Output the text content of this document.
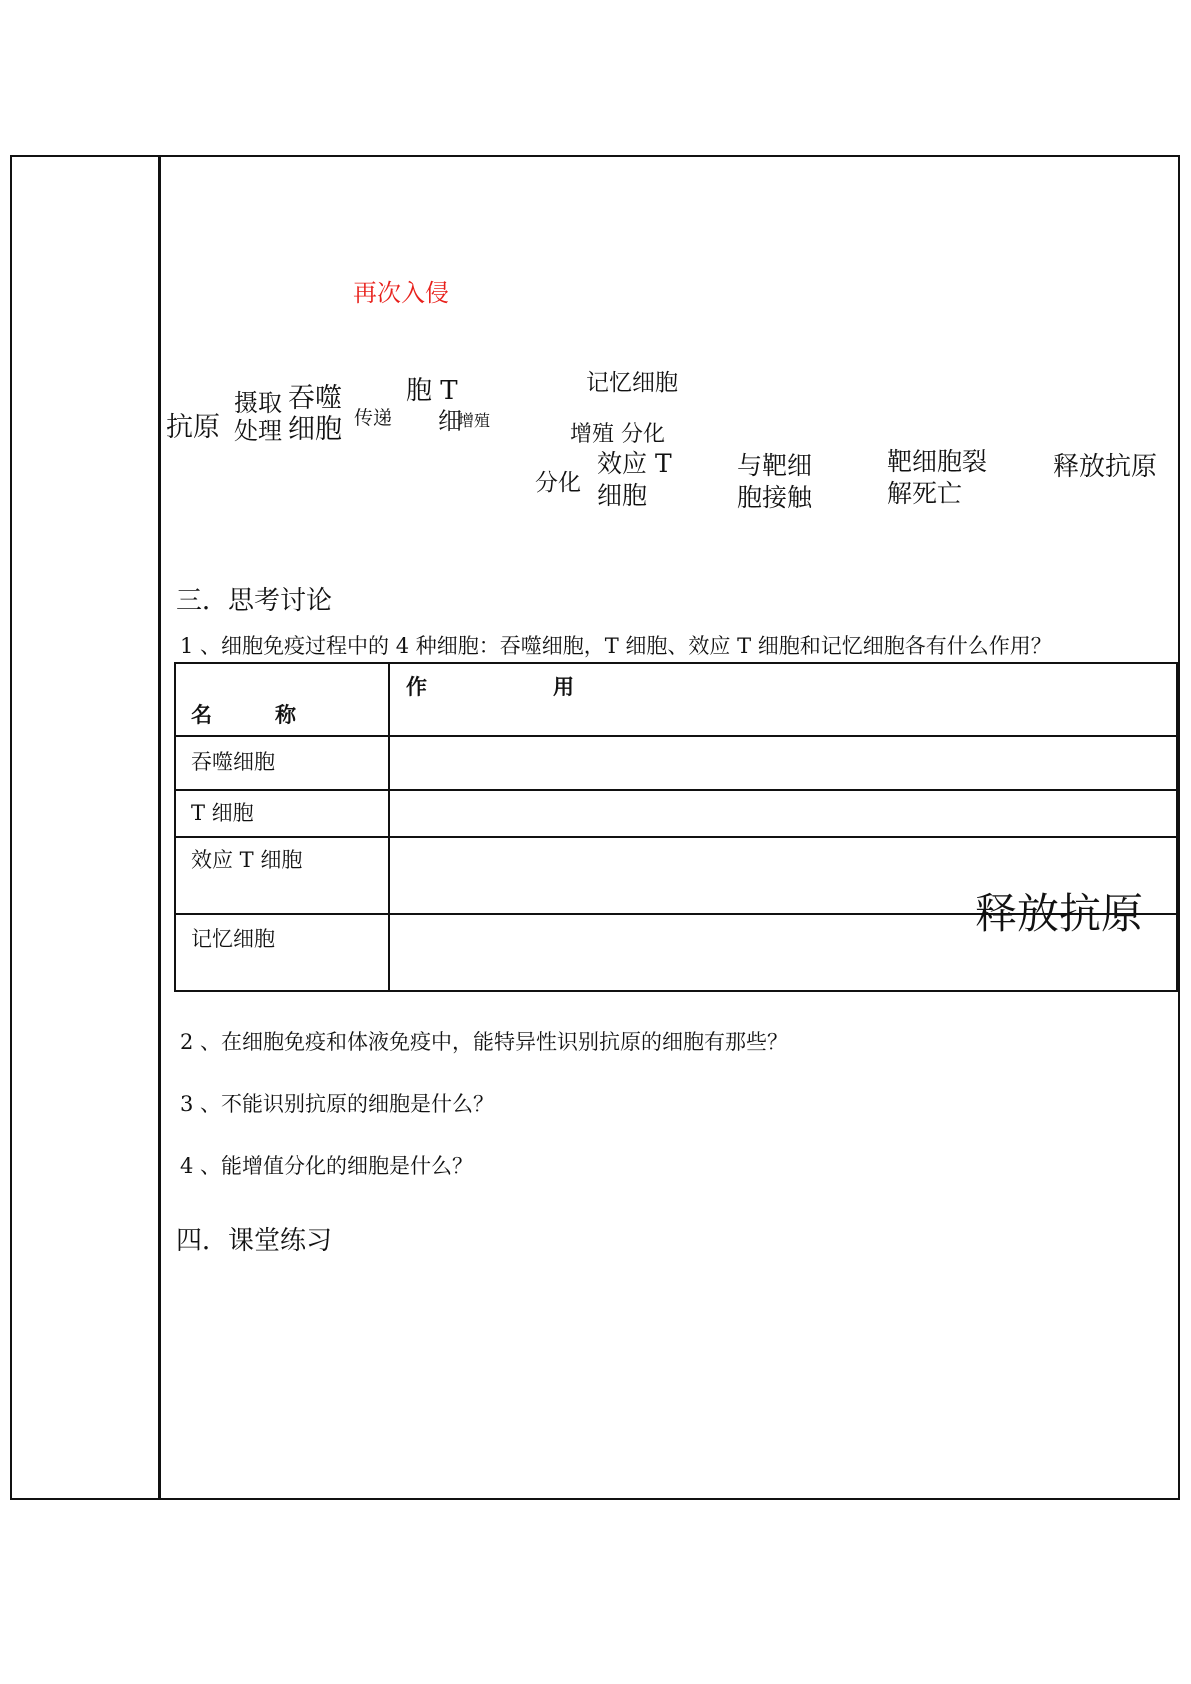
再次入侵
抗原
摄取
处理
吞噬
细胞 传递
胞 T
细
增殖
记忆细胞
增殖 分化
分化
效应 T
细胞
与靶细
胞接触
靶细胞裂
解死亡
释放抗原
三．思考讨论
1 、细胞免疫过程中的 4 种细胞：吞噬细胞，T 细胞、效应 T 细胞和记忆细胞各有什么作用？
作　　　　　　用
名　　　称
吞噬细胞
T 细胞
效应 T 细胞
记忆细胞
释放抗原
2 、在细胞免疫和体液免疫中，能特异性识别抗原的细胞有那些？
3 、不能识别抗原的细胞是什么？
4 、能增值分化的细胞是什么？
四．课堂练习
